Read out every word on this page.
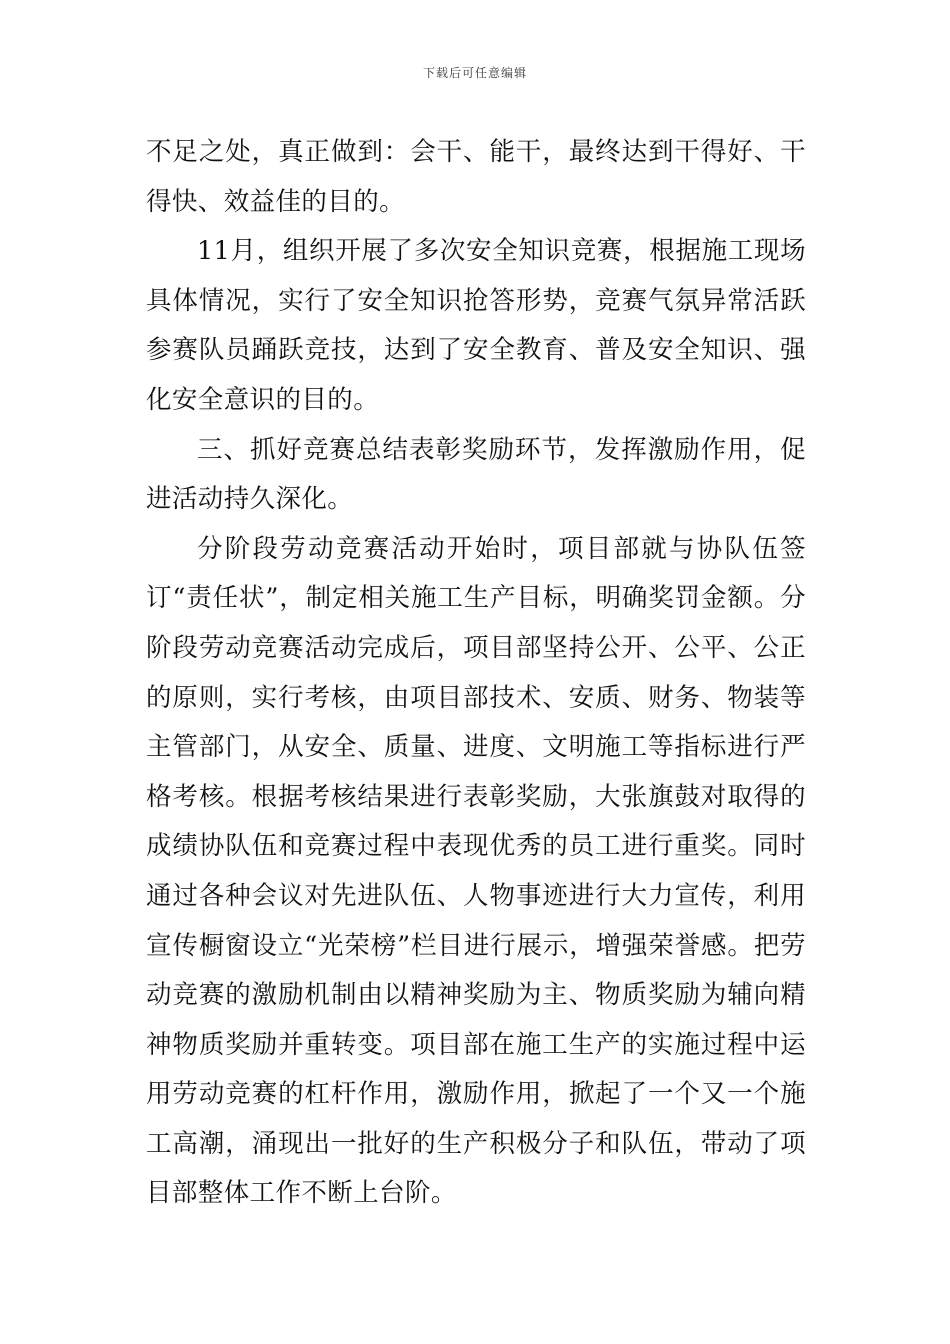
下载后可任意编辑

不足之处，真正做到：会干、能干，最终达到干得好、干得快、效益佳的目的。

11月，组织开展了多次安全知识竞赛，根据施工现场具体情况，实行了安全知识抢答形势，竞赛气氛异常活跃参赛队员踊跃竞技，达到了安全教育、普及安全知识、强化安全意识的目的。

三、抓好竞赛总结表彰奖励环节，发挥激励作用，促进活动持久深化。

分阶段劳动竞赛活动开始时，项目部就与协队伍签订“责任状”，制定相关施工生产目标，明确奖罚金额。分阶段劳动竞赛活动完成后，项目部坚持公开、公平、公正的原则，实行考核，由项目部技术、安质、财务、物装等主管部门，从安全、质量、进度、文明施工等指标进行严格考核。根据考核结果进行表彰奖励，大张旗鼓对取得的成绩协队伍和竞赛过程中表现优秀的员工进行重奖。同时通过各种会议对先进队伍、人物事迹进行大力宣传，利用宣传橱窗设立“光荣榜”栏目进行展示，增强荣誉感。把劳动竞赛的激励机制由以精神奖励为主、物质奖励为辅向精神物质奖励并重转变。项目部在施工生产的实施过程中运用劳动竞赛的杠杆作用，激励作用，掀起了一个又一个施工高潮，涌现出一批好的生产积极分子和队伍，带动了项目部整体工作不断上台阶。
